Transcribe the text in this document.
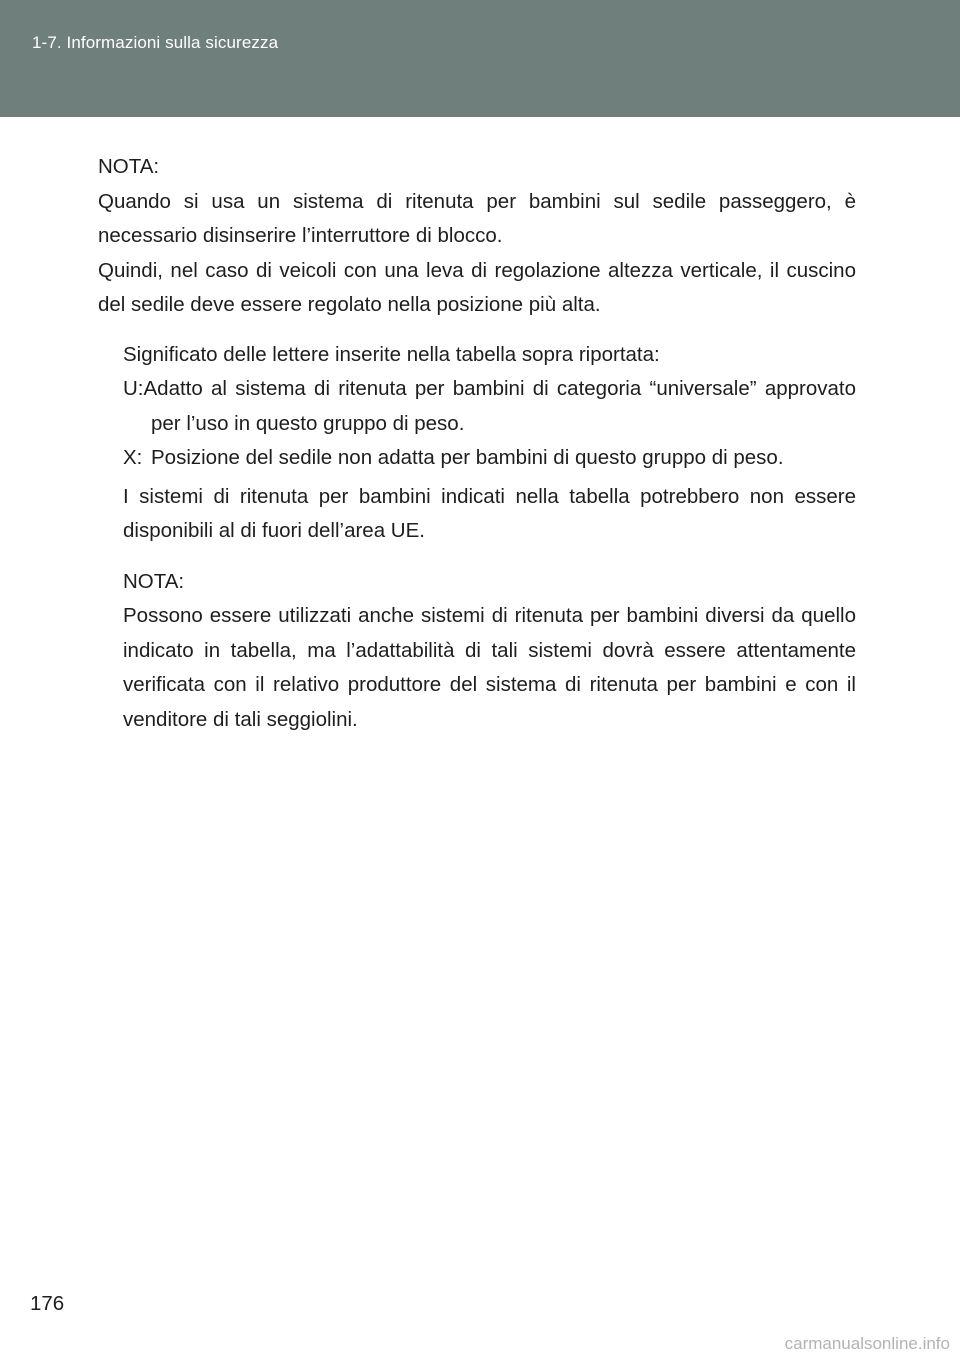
1-7. Informazioni sulla sicurezza

NOTA:

Quando si usa un sistema di ritenuta per bambini sul sedile passeggero, è necessario disinserire l’interruttore di blocco.

Quindi, nel caso di veicoli con una leva di regolazione altezza verticale, il cuscino del sedile deve essere regolato nella posizione più alta.

Significato delle lettere inserite nella tabella sopra riportata:

U:Adatto al sistema di ritenuta per bambini di categoria “universale” approvato per l’uso in questo gruppo di peso.

X: Posizione del sedile non adatta per bambini di questo gruppo di peso.

I sistemi di ritenuta per bambini indicati nella tabella potrebbero non essere disponibili al di fuori dell’area UE.

NOTA:

Possono essere utilizzati anche sistemi di ritenuta per bambini diversi da quello indicato in tabella, ma l’adattabilità di tali sistemi dovrà essere attentamente verificata con il relativo produttore del sistema di ritenuta per bambini e con il venditore di tali seggiolini.

176
carmanualsonline.info
